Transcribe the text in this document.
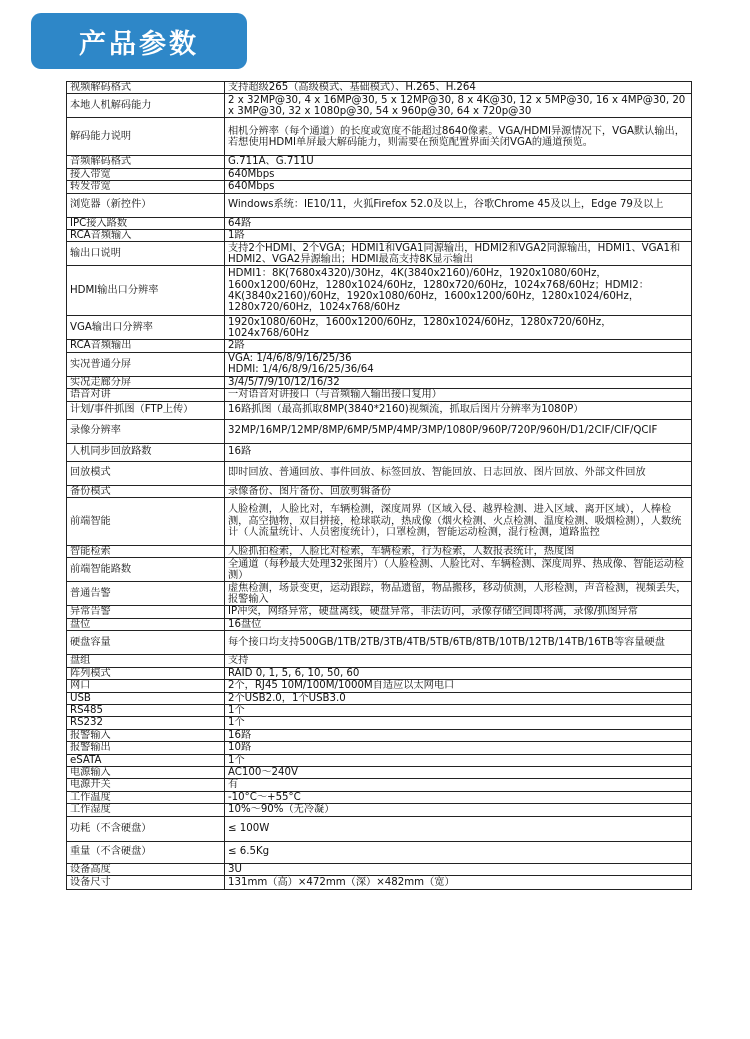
产品参数
视频解码格式	支持超级265（高级模式、基础模式）、H.265、H.264
本地人机解码能力	2 x 32MP@30, 4 x 16MP@30, 5 x 12MP@30, 8 x 4K@30, 12 x 5MP@30, 16 x 4MP@30, 20 x 3MP@30, 32 x 1080p@30, 54 x 960p@30, 64 x 720p@30
解码能力说明	相机分辨率（每个通道）的长度或宽度不能超过8640像素。VGA/HDMI异源情况下，VGA默认输出，若想使用HDMI单屏最大解码能力，则需要在预览配置界面关闭VGA的通道预览。
音频解码格式	G.711A、G.711U
接入带宽	640Mbps
转发带宽	640Mbps
浏览器（新控件）	Windows系统：IE10/11，火狐Firefox 52.0及以上，谷歌Chrome 45及以上，Edge 79及以上
IPC接入路数	64路
RCA音频输入	1路
输出口说明	支持2个HDMI、2个VGA；HDMI1和VGA1同源输出，HDMI2和VGA2同源输出，HDMI1、VGA1和HDMI2、VGA2异源输出；HDMI最高支持8K显示输出
HDMI输出口分辨率	HDMI1：8K(7680x4320)/30Hz，4K(3840x2160)/60Hz，1920x1080/60Hz，1600x1200/60Hz，1280x1024/60Hz，1280x720/60Hz，1024x768/60Hz；HDMI2：4K(3840x2160)/60Hz，1920x1080/60Hz，1600x1200/60Hz，1280x1024/60Hz，1280x720/60Hz，1024x768/60Hz
VGA输出口分辨率	1920x1080/60Hz，1600x1200/60Hz，1280x1024/60Hz，1280x720/60Hz，1024x768/60Hz
RCA音频输出	2路
实况普通分屏	VGA: 1/4/6/8/9/16/25/36
HDMI: 1/4/6/8/9/16/25/36/64
实况走廊分屏	3/4/5/7/9/10/12/16/32
语音对讲	一对语音对讲接口（与音频输入输出接口复用）
计划/事件抓图（FTP上传）	16路抓图（最高抓取8MP(3840*2160)视频流，抓取后图片分辨率为1080P）
录像分辨率	32MP/16MP/12MP/8MP/6MP/5MP/4MP/3MP/1080P/960P/720P/960H/D1/2CIF/CIF/QCIF
人机同步回放路数	16路
回放模式	即时回放、普通回放、事件回放、标签回放、智能回放、日志回放、图片回放、外部文件回放
备份模式	录像备份、图片备份、回放剪辑备份
前端智能	人脸检测，人脸比对，车辆检测，深度周界（区域入侵、越界检测、进入区域、离开区域），人棒检测，高空抛物，双目拼接，枪球联动，热成像（烟火检测、火点检测、温度检测、吸烟检测），人数统计（人流量统计、人员密度统计），口罩检测，智能运动检测，混行检测，道路监控
智能检索	人脸抓拍检索，人脸比对检索，车辆检索，行为检索，人数报表统计，热度图
前端智能路数	全通道（每秒最大处理32张图片）（人脸检测、人脸比对、车辆检测、深度周界、热成像、智能运动检测）
普通告警	虚焦检测，场景变更，运动跟踪，物品遗留，物品搬移，移动侦测，人形检测，声音检测，视频丢失，报警输入
异常告警	IP冲突，网络异常，硬盘离线，硬盘异常，非法访问，录像存储空间即将满，录像/抓图异常
盘位	16盘位
硬盘容量	每个接口均支持500GB/1TB/2TB/3TB/4TB/5TB/6TB/8TB/10TB/12TB/14TB/16TB等容量硬盘
盘组	支持
阵列模式	RAID 0, 1, 5, 6, 10, 50, 60
网口	2个，RJ45 10M/100M/1000M自适应以太网电口
USB	2个USB2.0，1个USB3.0
RS485	1个
RS232	1个
报警输入	16路
报警输出	10路
eSATA	1个
电源输入	AC100～240V
电源开关	有
工作温度	-10°C～+55°C
工作湿度	10%～90%（无冷凝）
功耗（不含硬盘）	≤ 100W
重量（不含硬盘）	≤ 6.5Kg
设备高度	3U
设备尺寸	131mm（高）×472mm（深）×482mm（宽）
